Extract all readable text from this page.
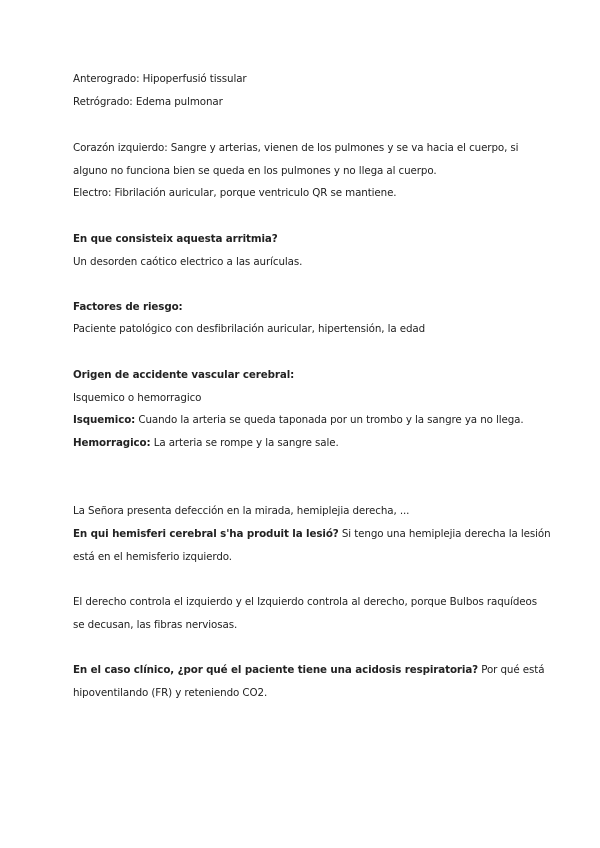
Anterogrado: Hipoperfusió tissular
Retrógrado: Edema pulmonar
Corazón izquierdo: Sangre y arterias, vienen de los pulmones y se va hacia el cuerpo, si
alguno no funciona bien se queda en los pulmones y no llega al cuerpo.
Electro: Fibrilación auricular, porque ventriculo QR se mantiene.
En que consisteix aquesta arritmia?
Un desorden caótico electrico a las aurículas.
Factores de riesgo:
Paciente patológico con desfibrilación auricular, hipertensión, la edad
Origen de accidente vascular cerebral:
Isquemico o hemorragico
Isquemico: Cuando la arteria se queda taponada por un trombo y la sangre ya no llega.
Hemorragico: La arteria se rompe y la sangre sale.
La Señora presenta defección en la mirada, hemiplejia derecha, ...
En qui hemisferi cerebral s'ha produit la lesió? Si tengo una hemiplejia derecha la lesión
está en el hemisferio izquierdo.
El derecho controla el izquierdo y el Izquierdo controla al derecho, porque Bulbos raquídeos
se decusan, las fibras nerviosas.
En el caso clínico, ¿por qué el paciente tiene una acidosis respiratoria? Por qué está
hipoventilando (FR) y reteniendo CO2.
